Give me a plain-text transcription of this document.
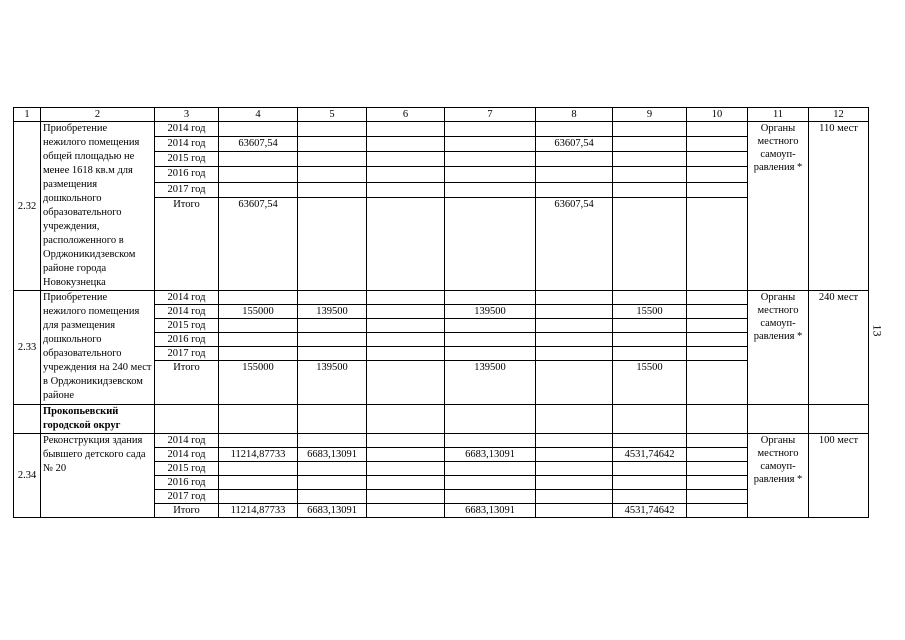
1	2	3	4	5	6	7	8	9	10	11	12
2.32	Приобретение нежилого помещения общей площадью не менее 1618 кв.м для размещения дошкольного образовательного учреждения, расположенного в Орджоникидзевском районе города Новокузнецка	2014 год								Органы местного самоуп-равления *	110 мест
		2014 год	63607,54				63607,54				
		2015 год									
		2016 год									
		2017 год									
		Итого	63607,54				63607,54				
2.33	Приобретение нежилого помещения для размещения дошкольного образовательного учреждения на 240 мест в Орджоникидзевском районе	2014 год								Органы местного самоуп-равления *	240 мест
		2014 год	155000	139500		139500		15500			
		2015 год									
		2016 год									
		2017 год									
		Итого	155000	139500		139500		15500			
	Прокопьевский городской округ										
2.34	Реконструкция здания бывшего детского сада № 20	2014 год								Органы местного самоуп-равления *	100 мест
		2014 год	11214,87733	6683,13091		6683,13091		4531,74642			
		2015 год									
		2016 год									
		2017 год									
		Итого	11214,87733	6683,13091		6683,13091		4531,74642			
13
